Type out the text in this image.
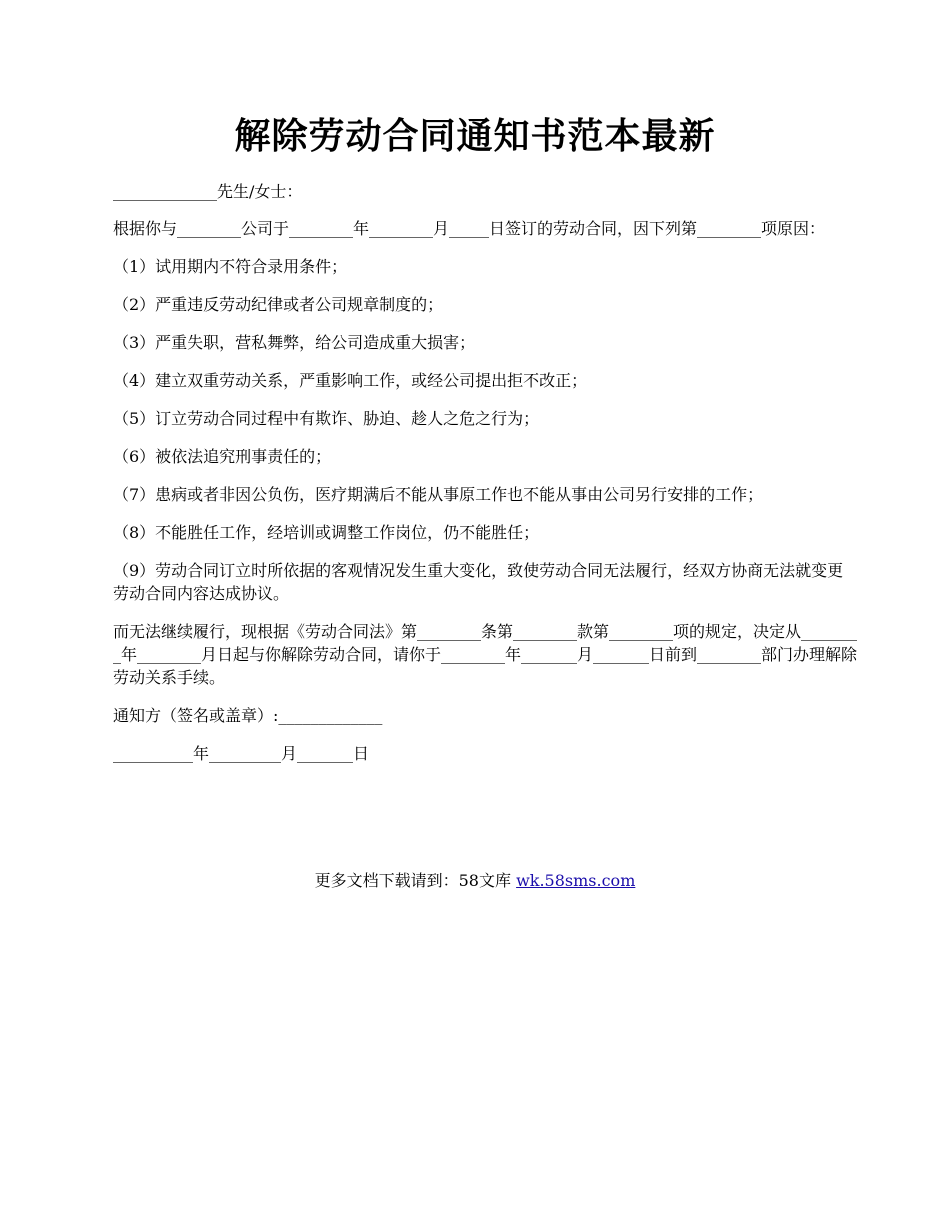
解除劳动合同通知书范本最新

_____________先生/女士：

根据你与________公司于________年________月_____日签订的劳动合同，因下列第________项原因：

（1）试用期内不符合录用条件；

（2）严重违反劳动纪律或者公司规章制度的；

（3）严重失职，营私舞弊，给公司造成重大损害；

（4）建立双重劳动关系，严重影响工作，或经公司提出拒不改正；

（5）订立劳动合同过程中有欺诈、胁迫、趁人之危之行为；

（6）被依法追究刑事责任的；

（7）患病或者非因公负伤，医疗期满后不能从事原工作也不能从事由公司另行安排的工作；

（8）不能胜任工作，经培训或调整工作岗位，仍不能胜任；

（9）劳动合同订立时所依据的客观情况发生重大变化，致使劳动合同无法履行，经双方协商无法就变更劳动合同内容达成协议。

而无法继续履行，现根据《劳动合同法》第________条第________款第________项的规定，决定从________年________月日起与你解除劳动合同，请你于________年_______月_______日前到________部门办理解除劳动关系手续。

通知方（签名或盖章）:_____________

__________年_________月_______日

更多文档下载请到：58文库 wk.58sms.com
